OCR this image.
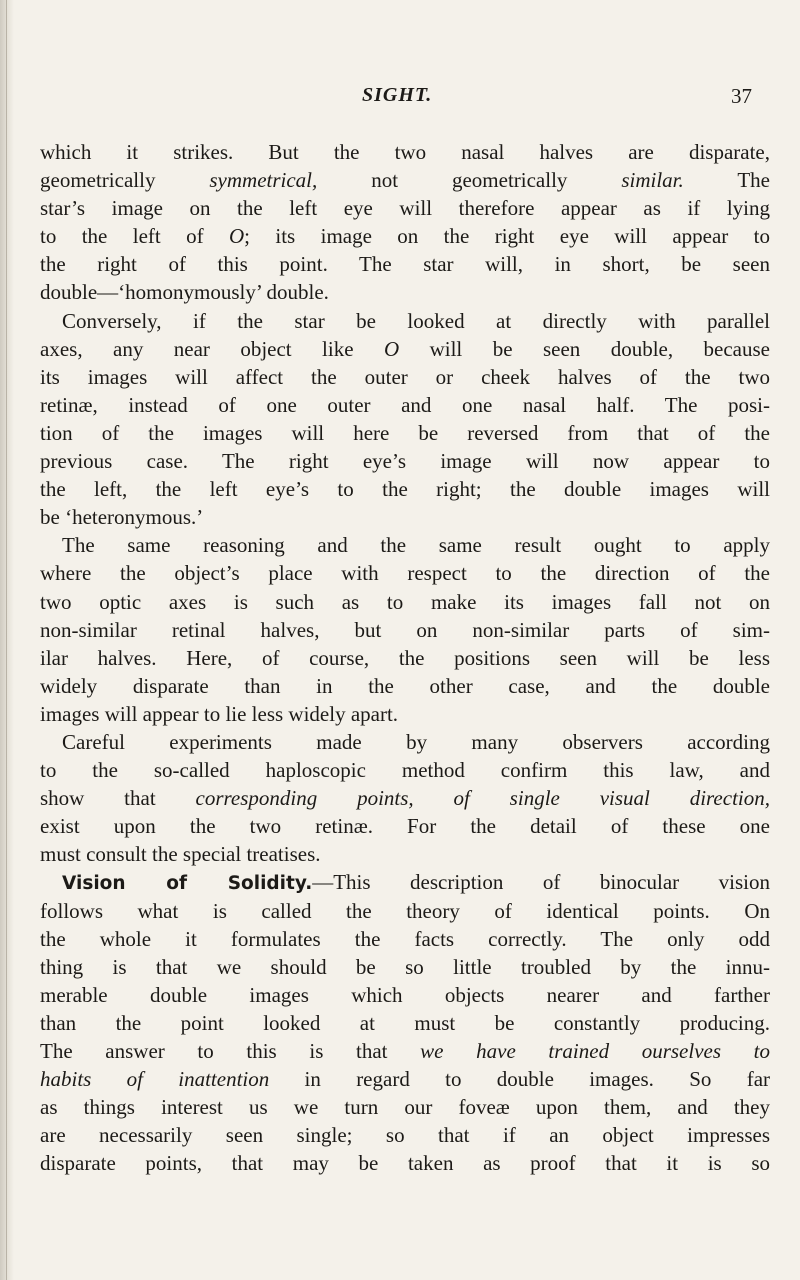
SIGHT.	37
which it strikes. But the two nasal halves are disparate,
geometrically symmetrical, not geometrically similar. The
star’s image on the left eye will therefore appear as if lying
to the left of O; its image on the right eye will appear to
the right of this point. The star will, in short, be seen
double—‘homonymously’ double.
Conversely, if the star be looked at directly with parallel
axes, any near object like O will be seen double, because
its images will affect the outer or cheek halves of the two
retinæ, instead of one outer and one nasal half. The posi-
tion of the images will here be reversed from that of the
previous case. The right eye’s image will now appear to
the left, the left eye’s to the right; the double images will
be ‘heteronymous.’
The same reasoning and the same result ought to apply
where the object’s place with respect to the direction of the
two optic axes is such as to make its images fall not on
non-similar retinal halves, but on non-similar parts of sim-
ilar halves. Here, of course, the positions seen will be less
widely disparate than in the other case, and the double
images will appear to lie less widely apart.
Careful experiments made by many observers according
to the so-called haploscopic method confirm this law, and
show that corresponding points, of single visual direction,
exist upon the two retinæ. For the detail of these one
must consult the special treatises.
Vision of Solidity.—This description of binocular vision
follows what is called the theory of identical points. On
the whole it formulates the facts correctly. The only odd
thing is that we should be so little troubled by the innu-
merable double images which objects nearer and farther
than the point looked at must be constantly producing.
The answer to this is that we have trained ourselves to
habits of inattention in regard to double images. So far
as things interest us we turn our foveæ upon them, and they
are necessarily seen single; so that if an object impresses
disparate points, that may be taken as proof that it is so
